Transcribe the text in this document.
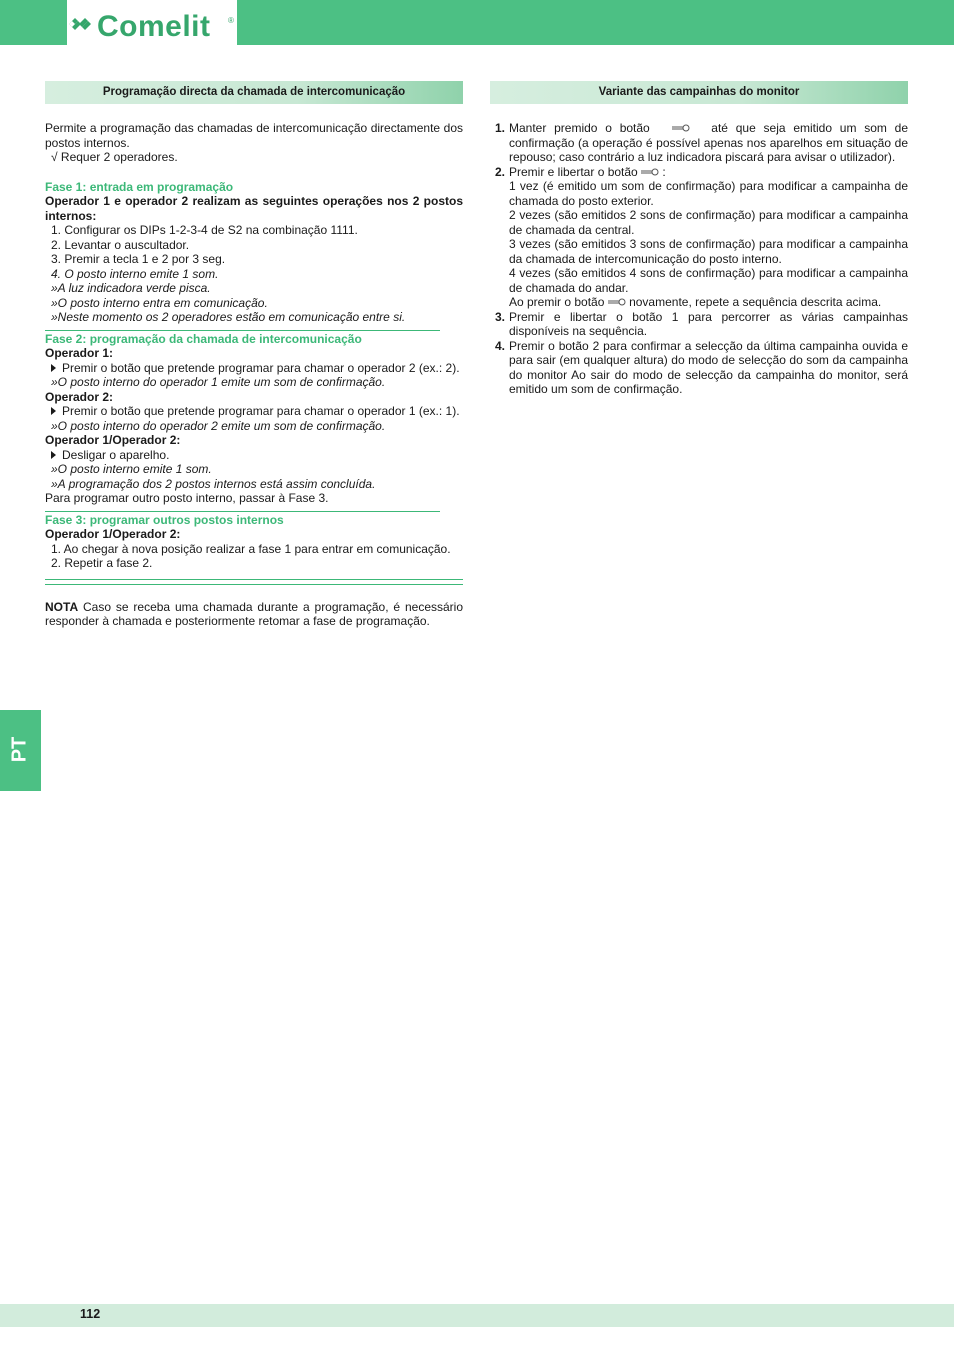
Comelit ®
Programação directa da chamada de intercomunicação

Permite a programação das chamadas de intercomunicação directamente dos postos internos.

√ Requer 2 operadores.

Fase 1: entrada em programação

Operador 1 e operador 2 realizam as seguintes operações nos 2 postos internos:

1. Configurar os DIPs 1-2-3-4 de S2 na combinação 1111.

2. Levantar o auscultador.

3. Premir a tecla 1 e 2 por 3 seg.

4. O posto interno emite 1 som.

»A luz indicadora verde pisca.

»O posto interno entra em comunicação.

»Neste momento os 2 operadores estão em comunicação entre si.

Fase 2: programação da chamada de intercomunicação

Operador 1:

Premir o botão que pretende programar para chamar o operador 2 (ex.: 2).

»O posto interno do operador 1 emite um som de confirmação.

Operador 2:

Premir o botão que pretende programar para chamar o operador 1 (ex.: 1).

»O posto interno do operador 2 emite um som de confirmação.

Operador 1/Operador 2:

Desligar o aparelho.

»O posto interno emite 1 som.

»A programação dos 2 postos internos está assim concluída.

Para programar outro posto interno, passar à Fase 3.

Fase 3: programar outros postos internos

Operador 1/Operador 2:

1. Ao chegar à nova posição realizar a fase 1 para entrar em comunicação.

2. Repetir a fase 2.

NOTA Caso se receba uma chamada durante a programação, é necessário responder à chamada e posteriormente retomar a fase de programação.

Variante das campainhas do monitor
1. Manter premido o botão	até que seja emitido um som de confirmação (a operação é possível apenas nos aparelhos em situação de repouso; caso contrário a luz indicadora piscará para avisar o utilizador).
2. Premir e libertar o botão :
1 vez (é emitido um som de confirmação) para modificar a campainha de chamada do posto exterior.
2 vezes (são emitidos 2 sons de confirmação) para modificar a campainha de chamada da central.
3 vezes (são emitidos 3 sons de confirmação) para modificar a campainha da chamada de intercomunicação do posto interno.
4 vezes (são emitidos 4 sons de confirmação) para modificar a campainha de chamada do andar.
Ao premir o botão novamente, repete a sequência descrita acima.
3. Premir e libertar o botão 1 para percorrer as várias campainhas disponíveis na sequência.
4. Premir o botão 2 para confirmar a selecção da última campainha ouvida e para sair (em qualquer altura) do modo de selecção do som da campainha do monitor Ao sair do modo de selecção da campainha do monitor, será emitido um som de confirmação.
PT
112
